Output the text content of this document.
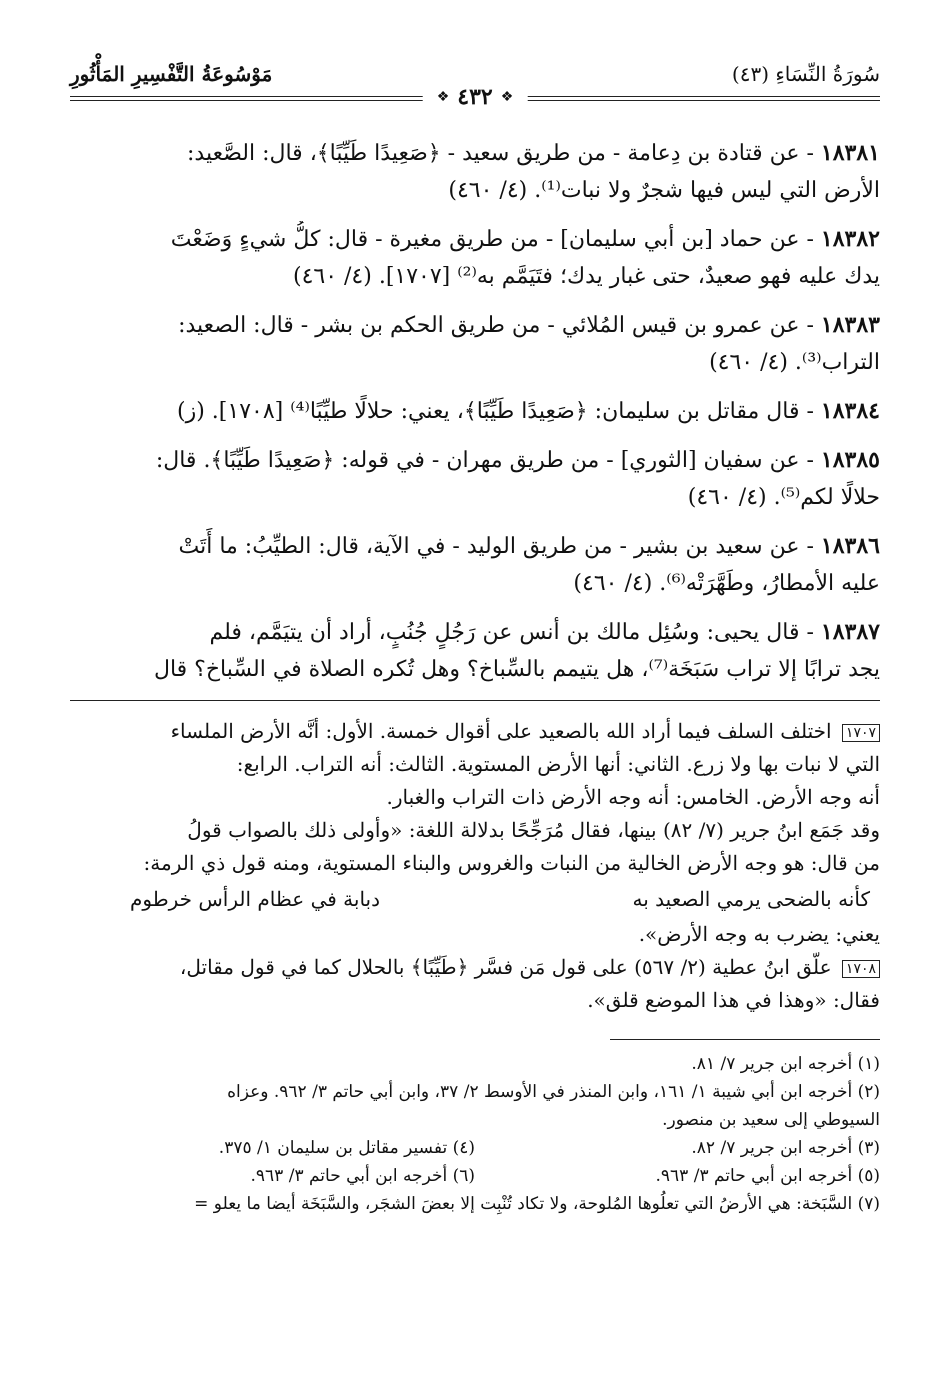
سُورَةُ النِّسَاءِ (٤٣)
مَوْسُوعَةُ التَّفْسِيرِ المَأْثُورِ
❖ ٤٣٢ ❖
١٨٣٨١ - عن قتادة بن دِعامة - من طريق سعيد - ﴿صَعِيدًا طَيِّبًا﴾، قال: الصَّعيد:
الأرض التي ليس فيها شجرٌ ولا نبات⁽¹⁾. (٤/ ٤٦٠)
١٨٣٨٢ - عن حماد [بن أبي سليمان] - من طريق مغيرة - قال: كلُّ شيءٍ وَضَعْتَ
يدك عليه فهو صعيدٌ، حتى غبار يدك؛ فتَيَمَّم به⁽²⁾ [١٧٠٧]. (٤/ ٤٦٠)
١٨٣٨٣ - عن عمرو بن قيس المُلائي - من طريق الحكم بن بشر - قال: الصعيد:
التراب⁽³⁾. (٤/ ٤٦٠)
١٨٣٨٤ - قال مقاتل بن سليمان: ﴿صَعِيدًا طَيِّبًا﴾، يعني: حلالًا طيِّبًا⁽⁴⁾ [١٧٠٨]. (ز)
١٨٣٨٥ - عن سفيان [الثوري] - من طريق مهران - في قوله: ﴿صَعِيدًا طَيِّبًا﴾. قال:
حلالًا لكم⁽⁵⁾. (٤/ ٤٦٠)
١٨٣٨٦ - عن سعيد بن بشير - من طريق الوليد - في الآية، قال: الطيِّبُ: ما أَتَتْ
عليه الأمطارُ، وطَهَّرَتْه⁽⁶⁾. (٤/ ٤٦٠)
١٨٣٨٧ - قال يحيى: وسُئِل مالك بن أنس عن رَجُلٍ جُنُبٍ، أراد أن يتيَمَّم، فلم
يجد ترابًا إلا تراب سَبَخَة⁽⁷⁾، هل يتيمم بالسِّباخ؟ وهل تُكره الصلاة في السِّباخ؟ قال
١٧٠٧ اختلف السلف فيما أراد الله بالصعيد على أقوال خمسة. الأول: أنَّه الأرض الملساء
التي لا نبات بها ولا زرع. الثاني: أنها الأرض المستوية. الثالث: أنه التراب. الرابع:
أنه وجه الأرض. الخامس: أنه وجه الأرض ذات التراب والغبار.
وقد جَمَع ابنُ جرير (٧/ ٨٢) بينها، فقال مُرَجِّحًا بدلالة اللغة: «وأولى ذلك بالصواب قولُ
من قال: هو وجه الأرض الخالية من النبات والغروس والبناء المستوية، ومنه قول ذي الرمة:
كأنه بالضحى يرمي الصعيد به
دبابة في عظام الرأس خرطوم
يعني: يضرب به وجه الأرض».
١٧٠٨ علّق ابنُ عطية (٢/ ٥٦٧) على قول مَن فسَّر ﴿طَيِّبًا﴾ بالحلال كما في قول مقاتل،
فقال: «وهذا في هذا الموضع قلق».
(١) أخرجه ابن جرير ٧/ ٨١.
(٢) أخرجه ابن أبي شيبة ١/ ١٦١، وابن المنذر في الأوسط ٢/ ٣٧، وابن أبي حاتم ٣/ ٩٦٢. وعزاه
السيوطي إلى سعيد بن منصور.
(٣) أخرجه ابن جرير ٧/ ٨٢.
(٤) تفسير مقاتل بن سليمان ١/ ٣٧٥.
(٥) أخرجه ابن أبي حاتم ٣/ ٩٦٣.
(٦) أخرجه ابن أبي حاتم ٣/ ٩٦٣.
(٧) السَّبَخة: هي الأرضُ التي تعلُوها المُلوحة، ولا تكاد تُنْبِت إلا بعضَ الشجَر، والسَّبَخَة أيضا ما يعلو =
